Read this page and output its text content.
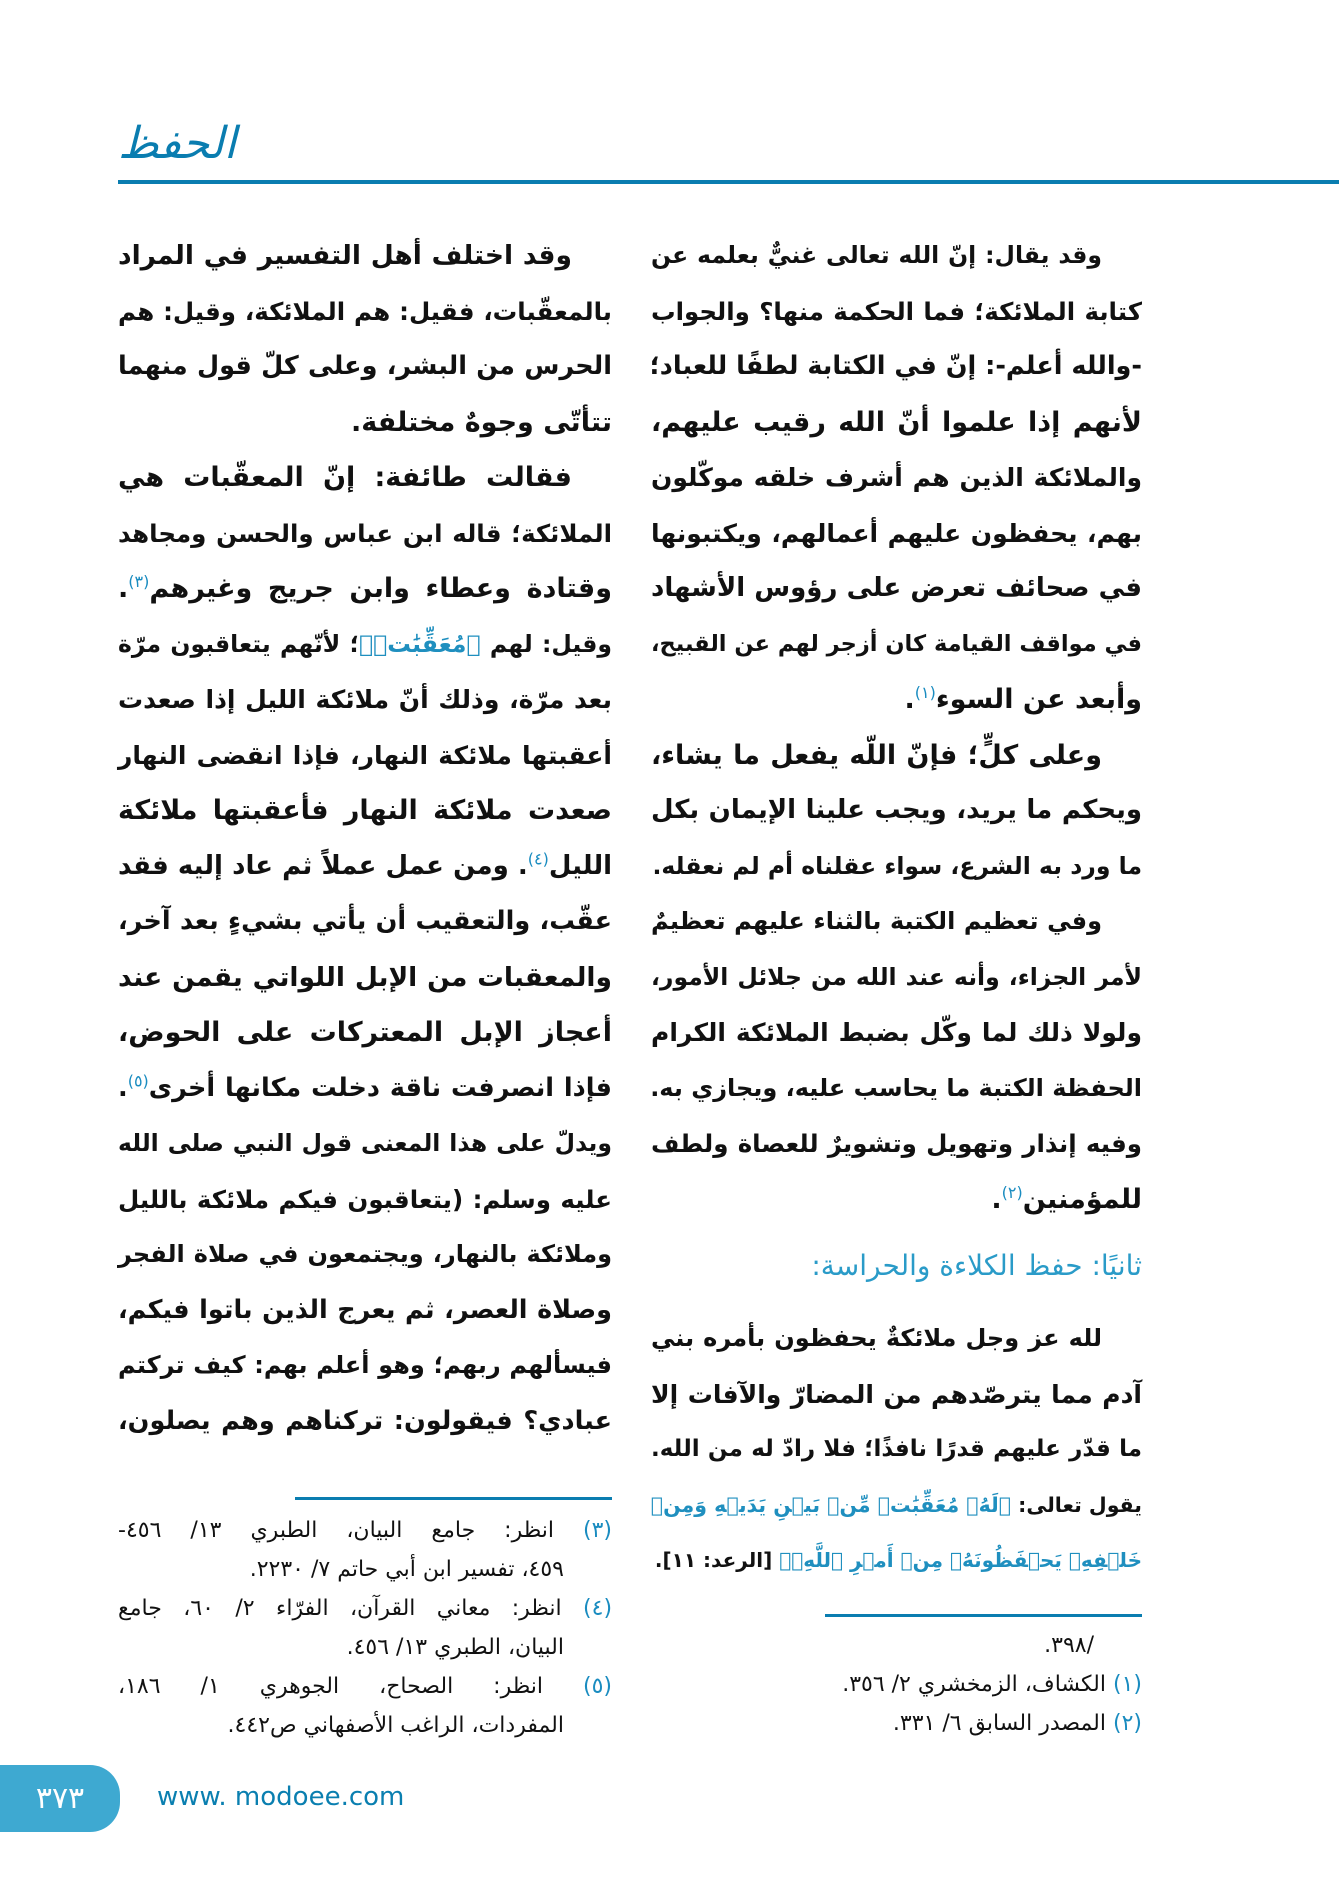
الحفظ
وقد يقال: إنّ الله تعالى غنيٌّ بعلمه عن
كتابة الملائكة؛ فما الحكمة منها؟ والجواب
-والله أعلم-: إنّ في الكتابة لطفًا للعباد؛
لأنهم إذا علموا أنّ الله رقيب عليهم،
والملائكة الذين هم أشرف خلقه موكّلون
بهم، يحفظون عليهم أعمالهم، ويكتبونها
في صحائف تعرض على رؤوس الأشهاد
في مواقف القيامة كان أزجر لهم عن القبيح،
وأبعد عن السوء$^{(١)}$.
وعلى كلٍّ؛ فإنّ اللّه يفعل ما يشاء،
ويحكم ما يريد، ويجب علينا الإيمان بكل
ما ورد به الشرع، سواء عقلناه أم لم نعقله.
وفي تعظيم الكتبة بالثناء عليهم تعظيمٌ
لأمر الجزاء، وأنه عند الله من جلائل الأمور،
ولولا ذلك لما وكّل بضبط الملائكة الكرام
الحفظة الكتبة ما يحاسب عليه، ويجازي به.
وفيه إنذار وتهويل وتشويرٌ للعصاة ولطف
للمؤمنين$^{(٢)}$.
ثانيًا: حفظ الكلاءة والحراسة:
لله عز وجل ملائكةٌ يحفظون بأمره بني
آدم مما يترصّدهم من المضارّ والآفات إلا
ما قدّر عليهم قدرًا نافذًا؛ فلا رادّ له من الله.
يقول تعالى: ﴿لَهُۥ مُعَقِّبَٰتٞ مِّنۢ بَيۡنِ يَدَيۡهِ وَمِنۡ
خَلۡفِهِۦ يَحۡفَظُونَهُۥ مِنۡ أَمۡرِ ٱللَّهِۗ﴾ [الرعد: ١١].
/٣٩٨.
(١) الكشاف، الزمخشري ٢/ ٣٥٦.
(٢) المصدر السابق ٦/ ٣٣١.
وقد اختلف أهل التفسير في المراد
بالمعقّبات، فقيل: هم الملائكة، وقيل: هم
الحرس من البشر، وعلى كلّ قول منهما
تتأتّى وجوهٌ مختلفة.
فقالت طائفة: إنّ المعقّبات هي
الملائكة؛ قاله ابن عباس والحسن ومجاهد
وقتادة وعطاء وابن جريج وغيرهم$^{(٣)}$.
وقيل: لهم ﴿مُعَقِّبَٰتٞ﴾؛ لأنّهم يتعاقبون مرّة
بعد مرّة، وذلك أنّ ملائكة الليل إذا صعدت
أعقبتها ملائكة النهار، فإذا انقضى النهار
صعدت ملائكة النهار فأعقبتها ملائكة
الليل$^{(٤)}$. ومن عمل عملاً ثم عاد إليه فقد
عقّب، والتعقيب أن يأتي بشيءٍ بعد آخر،
والمعقبات من الإبل اللواتي يقمن عند
أعجاز الإبل المعتركات على الحوض،
فإذا انصرفت ناقة دخلت مكانها أخرى$^{(٥)}$.
ويدلّ على هذا المعنى قول النبي صلى الله
عليه وسلم: (يتعاقبون فيكم ملائكة بالليل
وملائكة بالنهار، ويجتمعون في صلاة الفجر
وصلاة العصر، ثم يعرج الذين باتوا فيكم،
فيسألهم ربهم؛ وهو أعلم بهم: كيف تركتم
عبادي؟ فيقولون: تركناهم وهم يصلون،
(٣) انظر: جامع البيان، الطبري ١٣/ ٤٥٦-
٤٥٩، تفسير ابن أبي حاتم ٧/ ٢٢٣٠.
(٤) انظر: معاني القرآن، الفرّاء ٢/ ٦٠، جامع
البيان، الطبري ١٣/ ٤٥٦.
(٥) انظر: الصحاح، الجوهري ١/ ١٨٦،
المفردات، الراغب الأصفهاني ص٤٤٢.
٣٧٣	www. modoee.com
